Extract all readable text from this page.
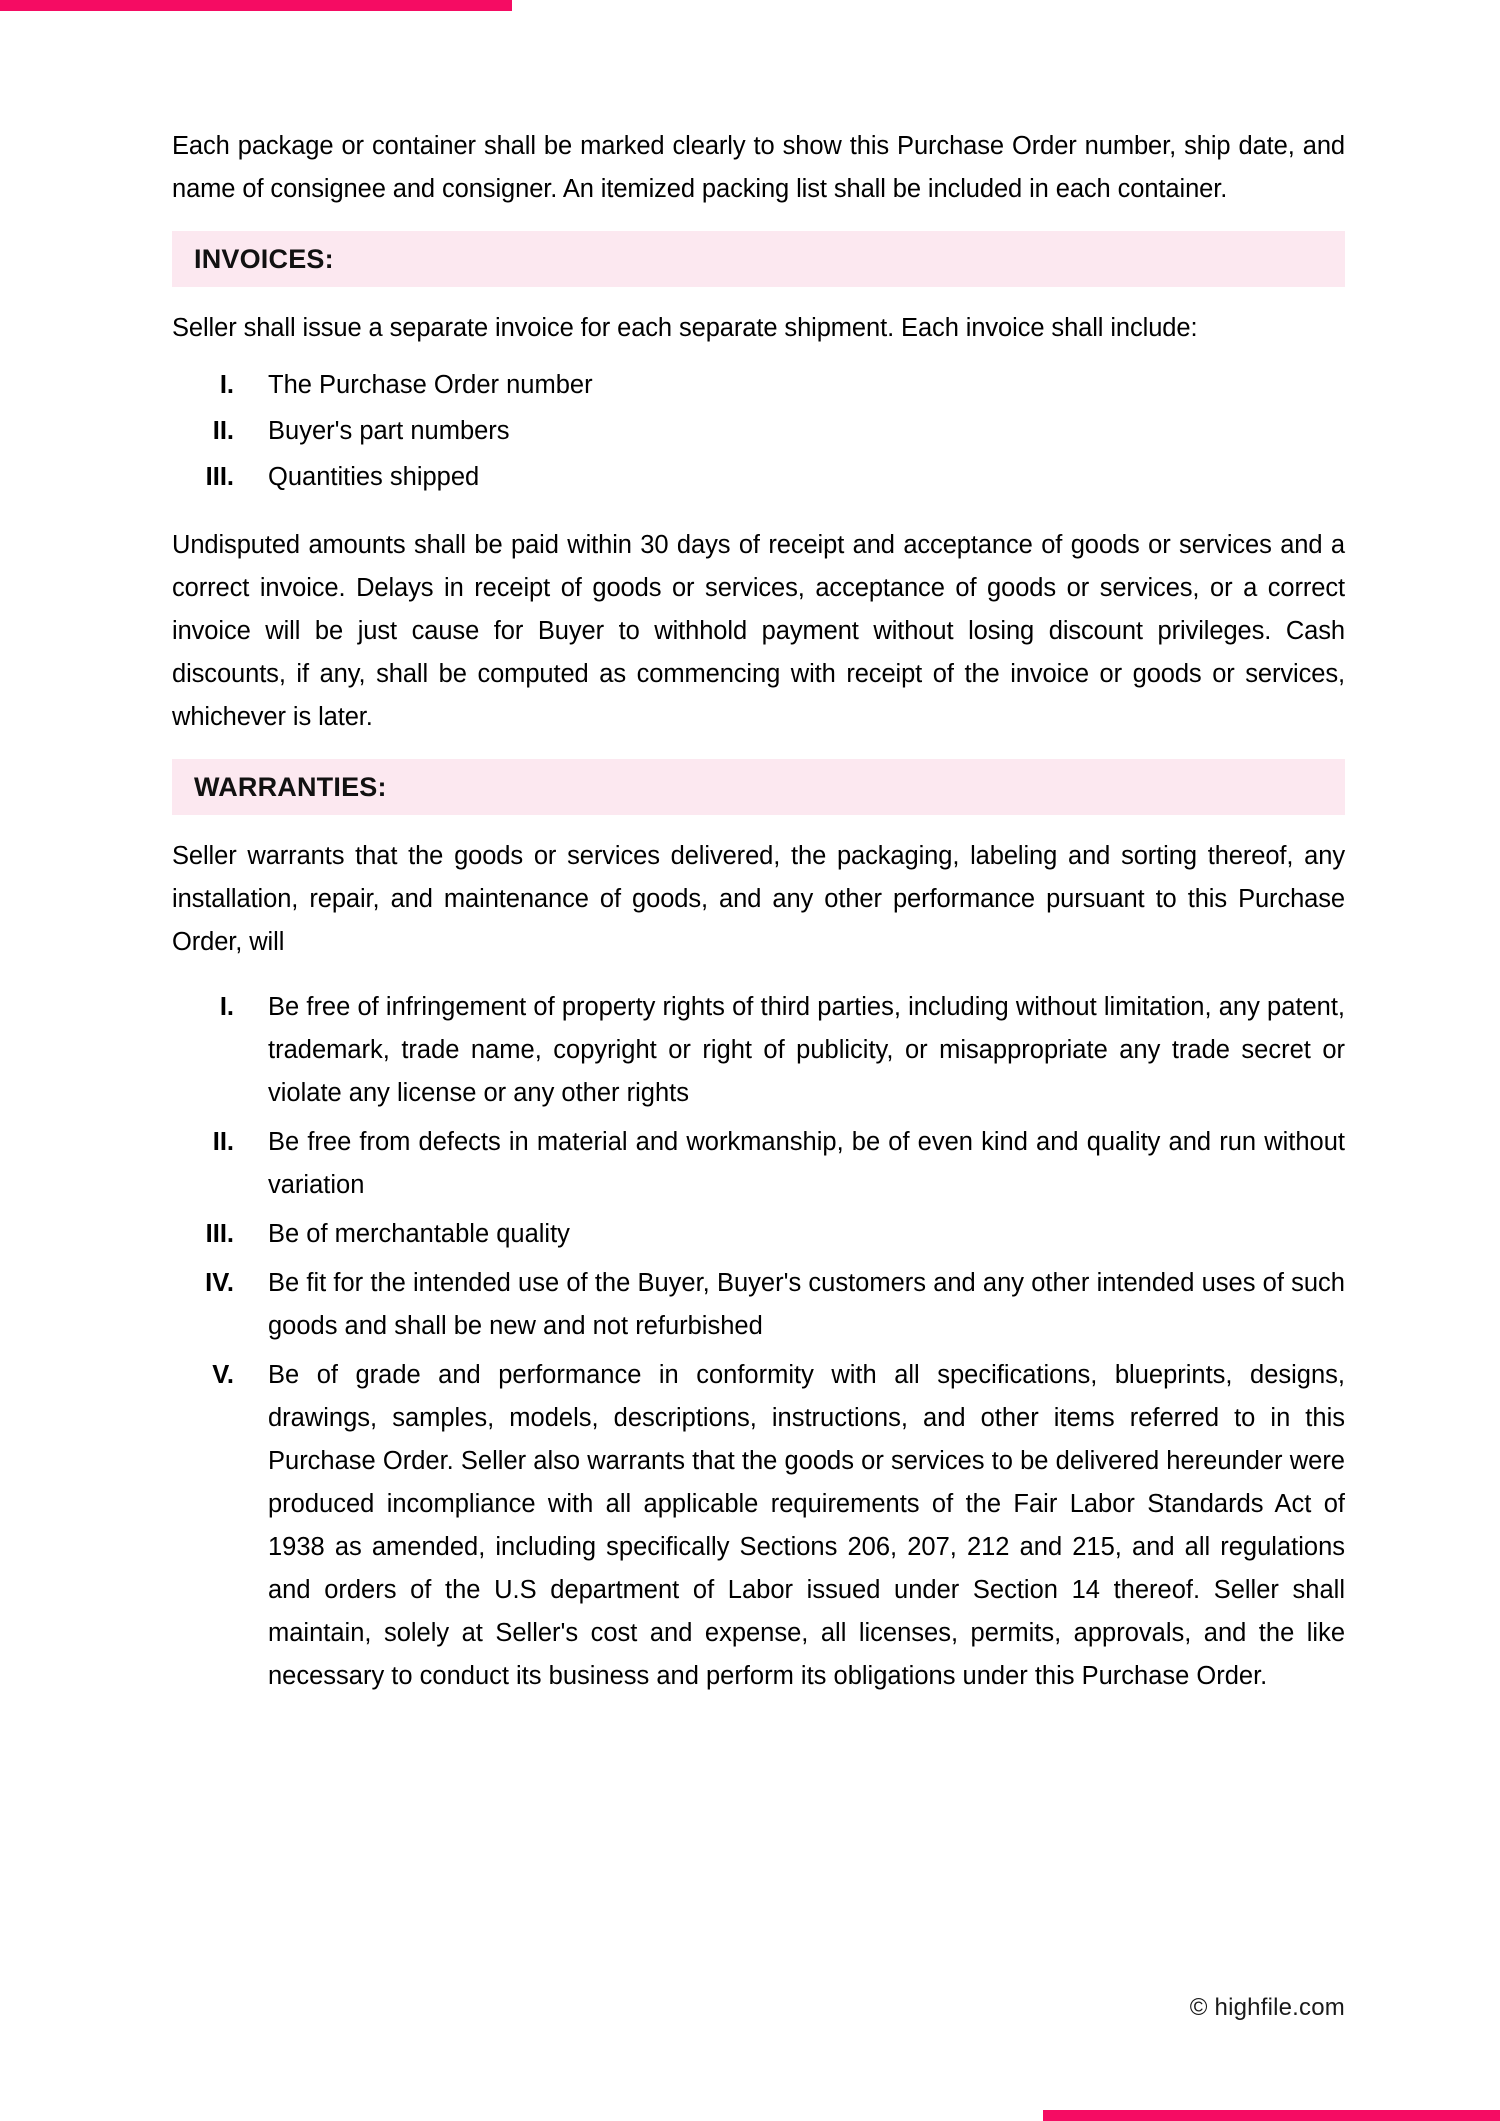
Each package or container shall be marked clearly to show this Purchase Order number, ship date, and name of consignee and consigner. An itemized packing list shall be included in each container.

INVOICES:

Seller shall issue a separate invoice for each separate shipment. Each invoice shall include:

I.	The Purchase Order number
II.	Buyer's part numbers
III.	Quantities shipped

Undisputed amounts shall be paid within 30 days of receipt and acceptance of goods or services and a correct invoice. Delays in receipt of goods or services, acceptance of goods or services, or a correct invoice will be just cause for Buyer to withhold payment without losing discount privileges. Cash discounts, if any, shall be computed as commencing with receipt of the invoice or goods or services, whichever is later.

WARRANTIES:

Seller warrants that the goods or services delivered, the packaging, labeling and sorting thereof, any installation, repair, and maintenance of goods, and any other performance pursuant to this Purchase Order, will

I.	Be free of infringement of property rights of third parties, including without limitation, any patent, trademark, trade name, copyright or right of publicity, or misappropriate any trade secret or violate any license or any other rights
II.	Be free from defects in material and workmanship, be of even kind and quality and run without variation
III.	Be of merchantable quality
IV.	Be fit for the intended use of the Buyer, Buyer's customers and any other intended uses of such goods and shall be new and not refurbished
V.	Be of grade and performance in conformity with all specifications, blueprints, designs, drawings, samples, models, descriptions, instructions, and other items referred to in this Purchase Order. Seller also warrants that the goods or services to be delivered hereunder were produced incompliance with all applicable requirements of the Fair Labor Standards Act of 1938 as amended, including specifically Sections 206, 207, 212 and 215, and all regulations and orders of the U.S department of Labor issued under Section 14 thereof. Seller shall maintain, solely at Seller's cost and expense, all licenses, permits, approvals, and the like necessary to conduct its business and perform its obligations under this Purchase Order.
© highfile.com
